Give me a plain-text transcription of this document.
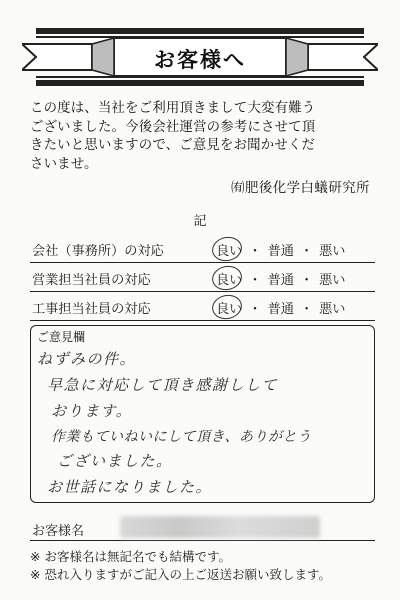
お客様へ
この度は、当社をご利用頂きまして大変有難う
ございました。今後会社運営の参考にさせて頂
きたいと思いますので、ご意見をお聞かせくだ
さいませ。
㈲肥後化学白蟻研究所
記
会社（事務所）の対応	良い ・ 普通 ・ 悪い
営業担当社員の対応	良い ・ 普通 ・ 悪い
工事担当社員の対応	良い ・ 普通 ・ 悪い
ご意見欄
ねずみの件。
早急に対応して頂き感謝しして
おります。
作業もていねいにして頂き、ありがとう
ございました。
お世話になりました。
お客様名
※ お客様名は無記名でも結構です。
※ 恐れ入りますがご記入の上ご返送お願い致します。
